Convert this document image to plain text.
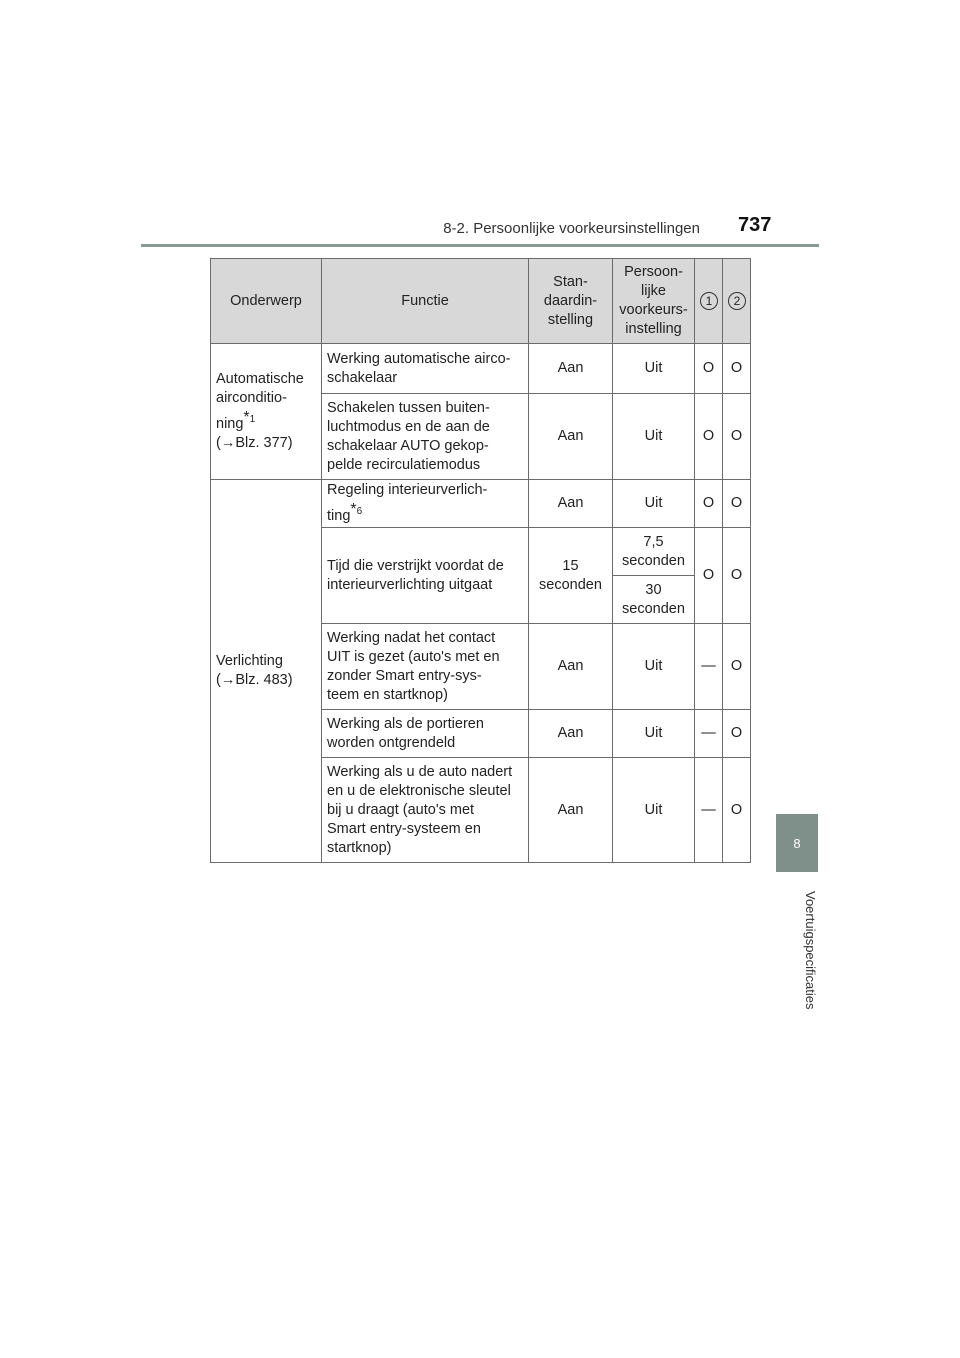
8-2. Persoonlijke voorkeursinstellingen 737
8
Voertuigspecificaties
Onderwerp	Functie	Stan-
daardin-
stelling	Persoon-
lijke
voorkeurs-
instelling	1	2
Automatische
airconditio-
ning$^{*1}$
(→Blz. 377)	Werking automatische airco-
schakelaar	Aan	Uit	O	O
	Schakelen tussen buiten-
luchtmodus en de aan de
schakelaar AUTO gekop-
pelde recirculatiemodus	Aan	Uit	O	O
Verlichting
(→Blz. 483)	Regeling interieurverlich-
ting$^{*6}$	Aan	Uit	O	O
	Tijd die verstrijkt voordat de
interieurverlichting uitgaat	15
seconden	7,5
seconden	O	O
			30
seconden		
	Werking nadat het contact
UIT is gezet (auto's met en
zonder Smart entry-sys-
teem en startknop)	Aan	Uit	—	O
	Werking als de portieren
worden ontgrendeld	Aan	Uit	—	O
	Werking als u de auto nadert
en u de elektronische sleutel
bij u draagt (auto's met
Smart entry-systeem en
startknop)	Aan	Uit	—	O
